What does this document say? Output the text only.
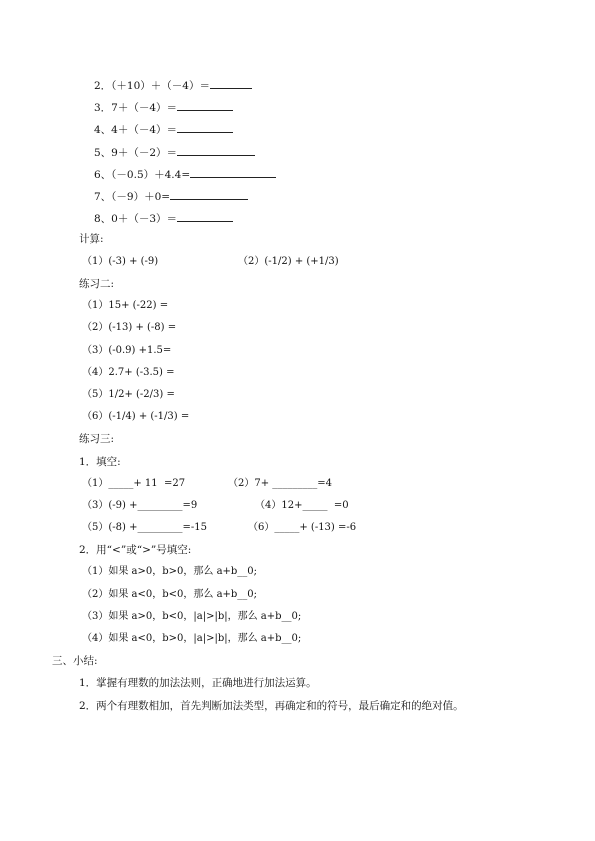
2．（＋10）＋（－4）＝
3．7＋（－4）＝
4、4＋（－4）＝
5、9＋（－2）＝
6、（－0.5）＋4.4=
7、（－9）＋0=
8、0＋（－3）＝
计算:
（1）(-3) + (-9)	（2）(-1/2) + (+1/3)
练习二:
（1）15+ (-22) =
（2）(-13) + (-8) =
（3）(-0.9) +1.5=
（4）2.7+ (-3.5) =
（5）1/2+ (-2/3) =
（6）(-1/4) + (-1/3) =
练习三:
1．填空:
（1）_____+ 11  =27	（2）7+ _________=4
（3）(-9) +_________=9	（4）12+_____  =0
（5）(-8) +_________=-15	（6）_____+ (-13) =-6
2．用“<”或“>”号填空:
（1）如果 a>0，b>0，那么 a+b__0;
（2）如果 a<0，b<0，那么 a+b__0;
（3）如果 a>0，b<0，|a|>|b|，那么 a+b__0;
（4）如果 a<0，b>0，|a|>|b|，那么 a+b__0;
三、小结:
1．掌握有理数的加法法则，正确地进行加法运算。
2．两个有理数相加，首先判断加法类型，再确定和的符号，最后确定和的绝对值。
